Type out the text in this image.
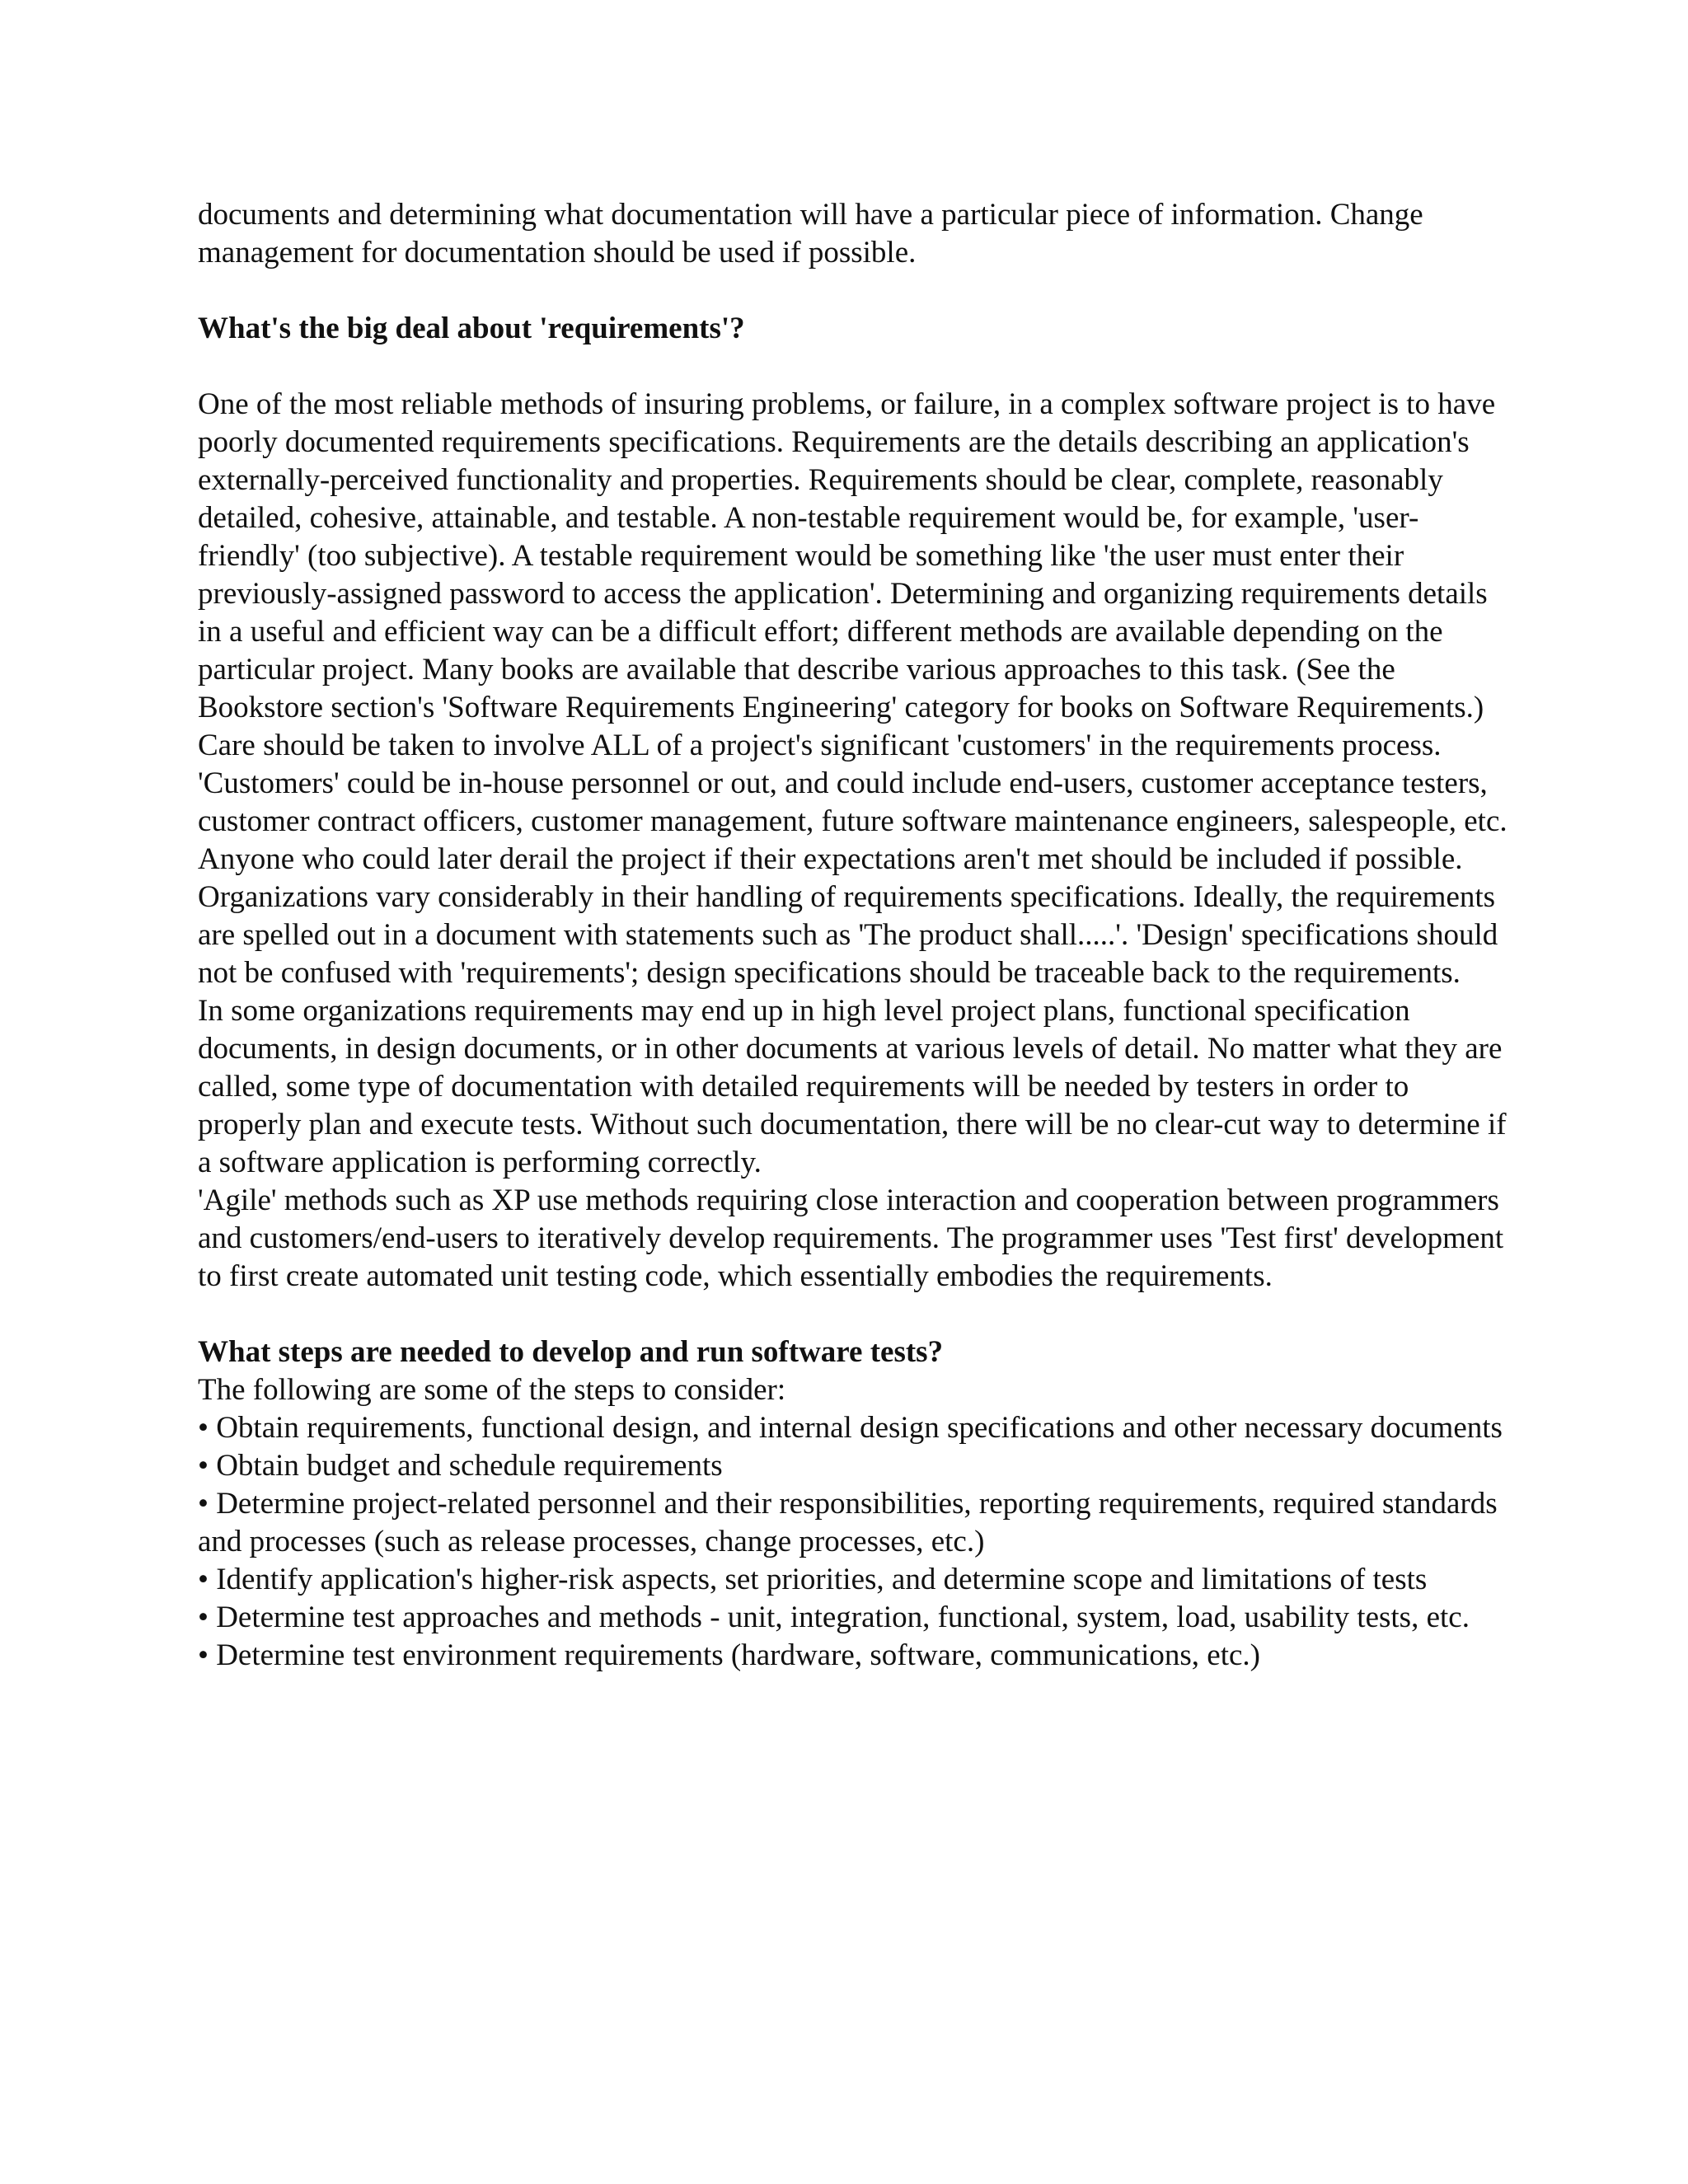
documents and determining what documentation will have a particular piece of information. Change management for documentation should be used if possible.

What's the big deal about 'requirements'?

One of the most reliable methods of insuring problems, or failure, in a complex software project is to have poorly documented requirements specifications. Requirements are the details describing an application's externally-perceived functionality and properties. Requirements should be clear, complete, reasonably detailed, cohesive, attainable, and testable. A non-testable requirement would be, for example, 'user-friendly' (too subjective). A testable requirement would be something like 'the user must enter their previously-assigned password to access the application'. Determining and organizing requirements details in a useful and efficient way can be a difficult effort; different methods are available depending on the particular project. Many books are available that describe various approaches to this task. (See the Bookstore section's 'Software Requirements Engineering' category for books on Software Requirements.)

Care should be taken to involve ALL of a project's significant 'customers' in the requirements process. 'Customers' could be in-house personnel or out, and could include end-users, customer acceptance testers, customer contract officers, customer management, future software maintenance engineers, salespeople, etc. Anyone who could later derail the project if their expectations aren't met should be included if possible.

Organizations vary considerably in their handling of requirements specifications. Ideally, the requirements are spelled out in a document with statements such as 'The product shall.....'. 'Design' specifications should not be confused with 'requirements'; design specifications should be traceable back to the requirements.

In some organizations requirements may end up in high level project plans, functional specification documents, in design documents, or in other documents at various levels of detail. No matter what they are called, some type of documentation with detailed requirements will be needed by testers in order to properly plan and execute tests. Without such documentation, there will be no clear-cut way to determine if a software application is performing correctly.

'Agile' methods such as XP use methods requiring close interaction and cooperation between programmers and customers/end-users to iteratively develop requirements. The programmer uses 'Test first' development to first create automated unit testing code, which essentially embodies the requirements.

What steps are needed to develop and run software tests?

The following are some of the steps to consider:

• Obtain requirements, functional design, and internal design specifications and other necessary documents
• Obtain budget and schedule requirements
• Determine project-related personnel and their responsibilities, reporting requirements, required standards and processes (such as release processes, change processes, etc.)
• Identify application's higher-risk aspects, set priorities, and determine scope and limitations of tests
• Determine test approaches and methods - unit, integration, functional, system, load, usability tests, etc.
• Determine test environment requirements (hardware, software, communications, etc.)
